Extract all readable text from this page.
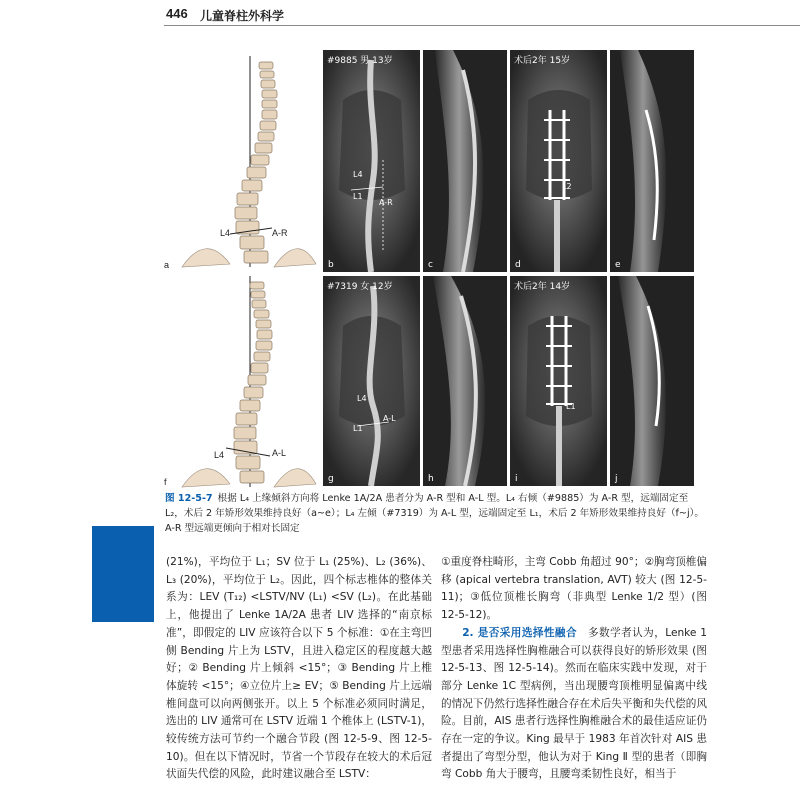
446 儿童脊柱外科学
L4	A-R
a
L4	A-L
f
#9885 男 13岁
L4
L1
A-R
b	c
术后2年 15岁
L2
d	e
#7319 女 12岁
L4
L1
A-L
g	h
术后2年 14岁
L1
i	j
图 12-5-7 根据 L₄ 上缘倾斜方向将 Lenke 1A/2A 患者分为 A-R 型和 A-L 型。L₄ 右倾（#9885）为 A-R 型，远端固定至 L₂，术后 2 年矫形效果维持良好（a~e）；L₄ 左倾（#7319）为 A-L 型，远端固定至 L₁，术后 2 年矫形效果维持良好（f~j）。A-R 型远端更倾向于相对长固定

(21%)，平均位于 L₁；SV 位于 L₁ (25%)、L₂ (36%)、L₃ (20%)，平均位于 L₂。因此，四个标志椎体的整体关系为：LEV (T₁₂) <LSTV/NV (L₁) <SV (L₂)。在此基础上，他提出了 Lenke 1A/2A 患者 LIV 选择的“南京标准”，即假定的 LIV 应该符合以下 5 个标准：①在主弯凹侧 Bending 片上为 LSTV，且进入稳定区的程度越大越好；② Bending 片上倾斜 <15°；③ Bending 片上椎体旋转 <15°；④立位片上≥ EV；⑤ Bending 片上远端椎间盘可以向两侧张开。以上 5 个标准必须同时满足，选出的 LIV 通常可在 LSTV 近端 1 个椎体上 (LSTV-1)，较传统方法可节约一个融合节段 (图 12-5-9、图 12-5-10)。但在以下情况时，节省一个节段存在较大的术后冠状面失代偿的风险，此时建议融合至 LSTV：

①重度脊柱畸形，主弯 Cobb 角超过 90°；②胸弯顶椎偏移 (apical vertebra translation, AVT) 较大 (图 12-5-11)；③低位顶椎长胸弯（非典型 Lenke 1/2 型）(图 12-5-12)。

2. 是否采用选择性融合　 多数学者认为，Lenke 1 型患者采用选择性胸椎融合可以获得良好的矫形效果 (图 12-5-13、图 12-5-14)。然而在临床实践中发现，对于部分 Lenke 1C 型病例，当出现腰弯顶椎明显偏离中线的情况下仍然行选择性融合存在术后失平衡和失代偿的风险。目前，AIS 患者行选择性胸椎融合术的最佳适应证仍存在一定的争议。King 最早于 1983 年首次针对 AIS 患者提出了弯型分型，他认为对于 King Ⅱ 型的患者（即胸弯 Cobb 角大于腰弯，且腰弯柔韧性良好，相当于
